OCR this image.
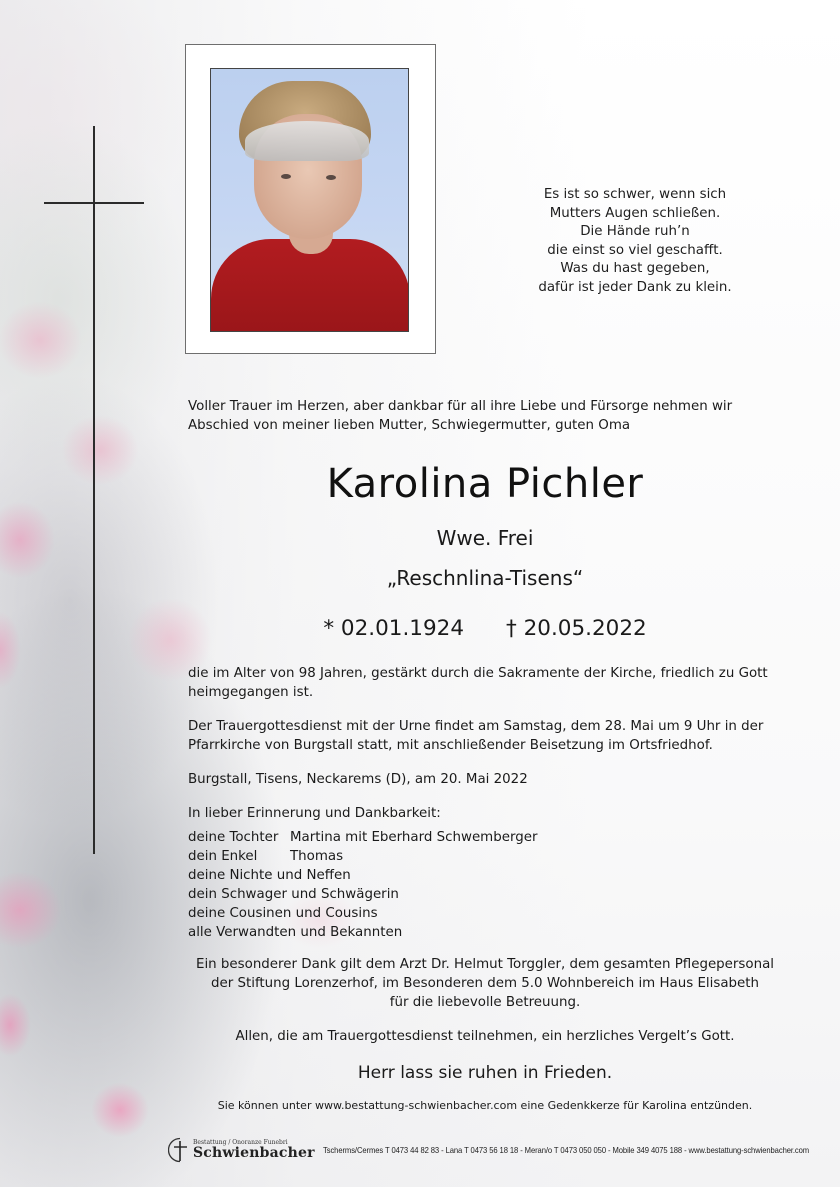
Es ist so schwer, wenn sich
Mutters Augen schließen.
Die Hände ruh’n
die einst so viel geschafft.
Was du hast gegeben,
dafür ist jeder Dank zu klein.
Voller Trauer im Herzen, aber dankbar für all ihre Liebe und Fürsorge nehmen wir
Abschied von meiner lieben Mutter, Schwiegermutter, guten Oma
Karolina Pichler
Wwe. Frei
„Reschnlina-Tisens“
* 02.01.1924 † 20.05.2022
die im Alter von 98 Jahren, gestärkt durch die Sakramente der Kirche, friedlich zu Gott
heimgegangen ist.
Der Trauergottesdienst mit der Urne findet am Samstag, dem 28. Mai um 9 Uhr in der
Pfarrkirche von Burgstall statt, mit anschließender Beisetzung im Ortsfriedhof.
Burgstall, Tisens, Neckarems (D), am 20. Mai 2022
In lieber Erinnerung und Dankbarkeit:
deine Tochter Martina mit Eberhard Schwemberger
dein Enkel	Thomas
deine Nichte und Neffen
dein Schwager und Schwägerin
deine Cousinen und Cousins
alle Verwandten und Bekannten
Ein besonderer Dank gilt dem Arzt Dr. Helmut Torggler, dem gesamten Pflegepersonal
der Stiftung Lorenzerhof, im Besonderen dem 5.0 Wohnbereich im Haus Elisabeth
für die liebevolle Betreuung.
Allen, die am Trauergottesdienst teilnehmen, ein herzliches Vergelt’s Gott.
Herr lass sie ruhen in Frieden.
Sie können unter www.bestattung-schwienbacher.com eine Gedenkkerze für Karolina entzünden.
Bestattung / Onoranze Funebri
Schwienbacher Tscherms/Cermes T 0473 44 82 83 - Lana T 0473 56 18 18 - Meran/o T 0473 050 050 - Mobile 349 4075 188 - www.bestattung-schwienbacher.com
